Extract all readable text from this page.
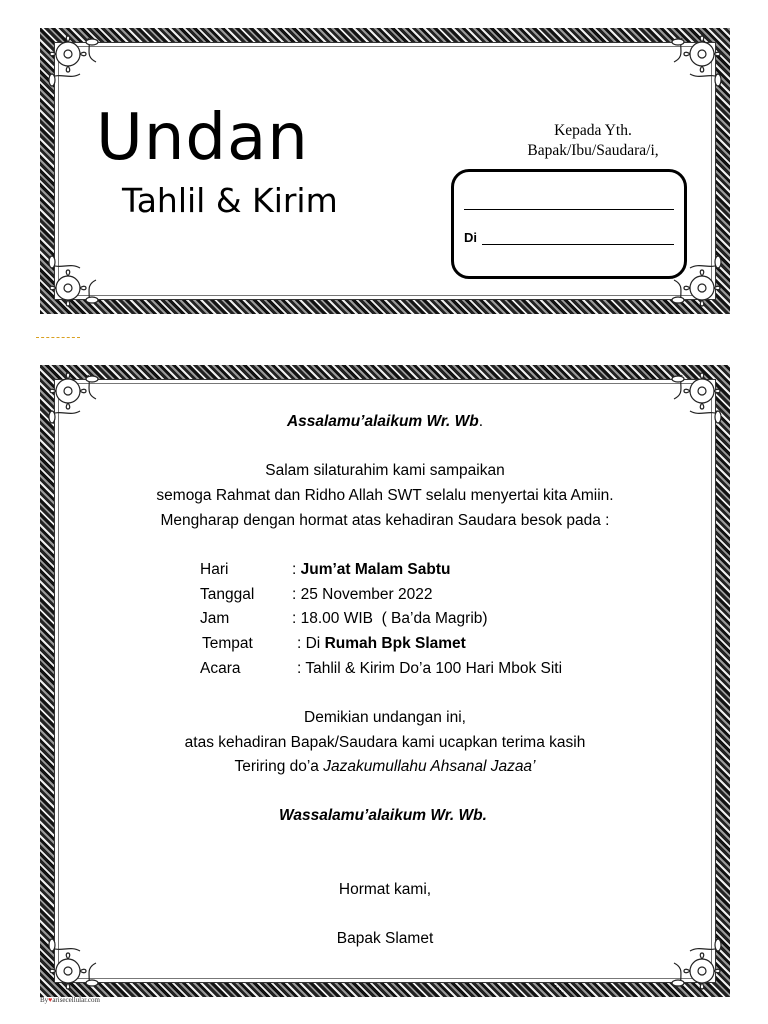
Undan
Tahlil & Kirim
Kepada Yth.
Bapak/Ibu/Saudara/i,
Di
Assalamu’alaikum Wr. Wb.
Salam silaturahim kami sampaikan
semoga Rahmat dan Ridho Allah SWT selalu menyertai kita Amiin.
Mengharap dengan hormat atas kehadiran Saudara besok pada :
Hari	: Jum’at Malam Sabtu
Tanggal : 25 November 2022
Jam	: 18.00 WIB  ( Ba’da Magrib)
Tempat	: Di Rumah Bpk Slamet
Acara	: Tahlil & Kirim Do’a 100 Hari Mbok Siti
Demikian undangan ini,
atas kehadiran Bapak/Saudara kami ucapkan terima kasih
Teriring do’a Jazakumullahu Ahsanal Jazaa’
Wassalamu’alaikum Wr. Wb.
Hormat kami,
Bapak Slamet
By♥arisecellular.com
